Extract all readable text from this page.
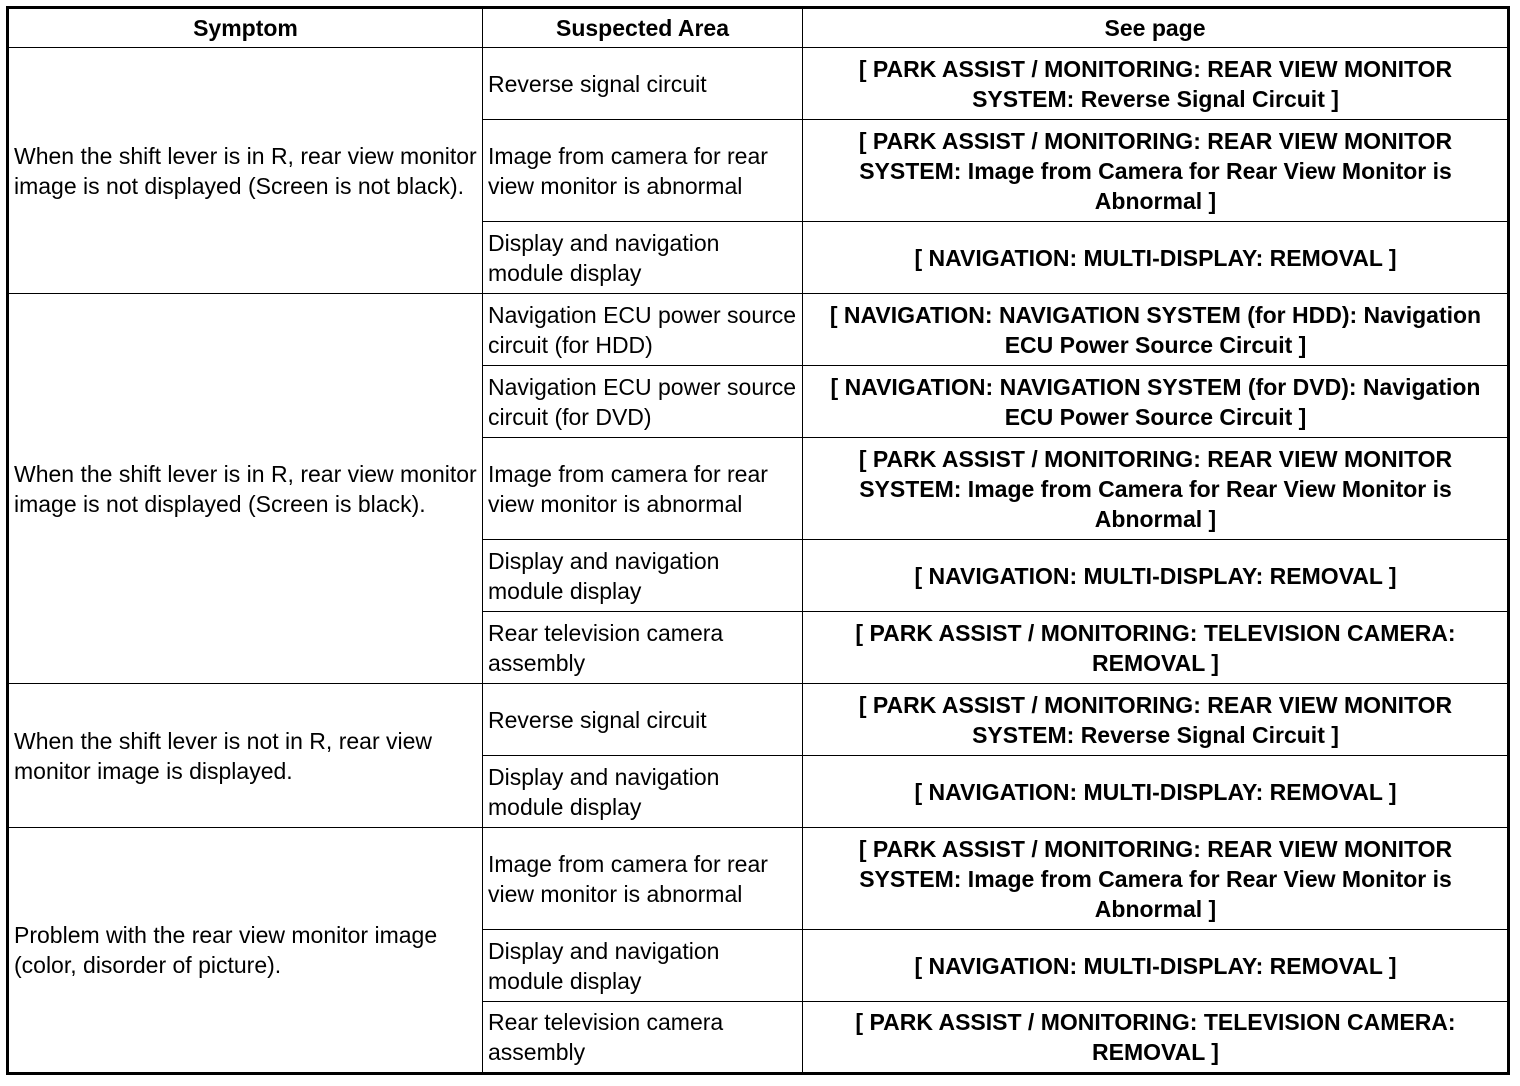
Symptom	Suspected Area	See page
When the shift lever is in R, rear view monitor image is not displayed (Screen is not black).	Reverse signal circuit	[ PARK ASSIST / MONITORING: REAR VIEW MONITOR SYSTEM: Reverse Signal Circuit ]
	Image from camera for rear view monitor is abnormal	[ PARK ASSIST / MONITORING: REAR VIEW MONITOR SYSTEM: Image from Camera for Rear View Monitor is Abnormal ]
	Display and navigation module display	[ NAVIGATION: MULTI-DISPLAY: REMOVAL ]
When the shift lever is in R, rear view monitor image is not displayed (Screen is black).	Navigation ECU power source circuit (for HDD)	[ NAVIGATION: NAVIGATION SYSTEM (for HDD): Navigation ECU Power Source Circuit ]
	Navigation ECU power source circuit (for DVD)	[ NAVIGATION: NAVIGATION SYSTEM (for DVD): Navigation ECU Power Source Circuit ]
	Image from camera for rear view monitor is abnormal	[ PARK ASSIST / MONITORING: REAR VIEW MONITOR SYSTEM: Image from Camera for Rear View Monitor is Abnormal ]
	Display and navigation module display	[ NAVIGATION: MULTI-DISPLAY: REMOVAL ]
	Rear television camera assembly	[ PARK ASSIST / MONITORING: TELEVISION CAMERA: REMOVAL ]
When the shift lever is not in R, rear view monitor image is displayed.	Reverse signal circuit	[ PARK ASSIST / MONITORING: REAR VIEW MONITOR SYSTEM: Reverse Signal Circuit ]
	Display and navigation module display	[ NAVIGATION: MULTI-DISPLAY: REMOVAL ]
Problem with the rear view monitor image (color, disorder of picture).	Image from camera for rear view monitor is abnormal	[ PARK ASSIST / MONITORING: REAR VIEW MONITOR SYSTEM: Image from Camera for Rear View Monitor is Abnormal ]
	Display and navigation module display	[ NAVIGATION: MULTI-DISPLAY: REMOVAL ]
	Rear television camera assembly	[ PARK ASSIST / MONITORING: TELEVISION CAMERA: REMOVAL ]
